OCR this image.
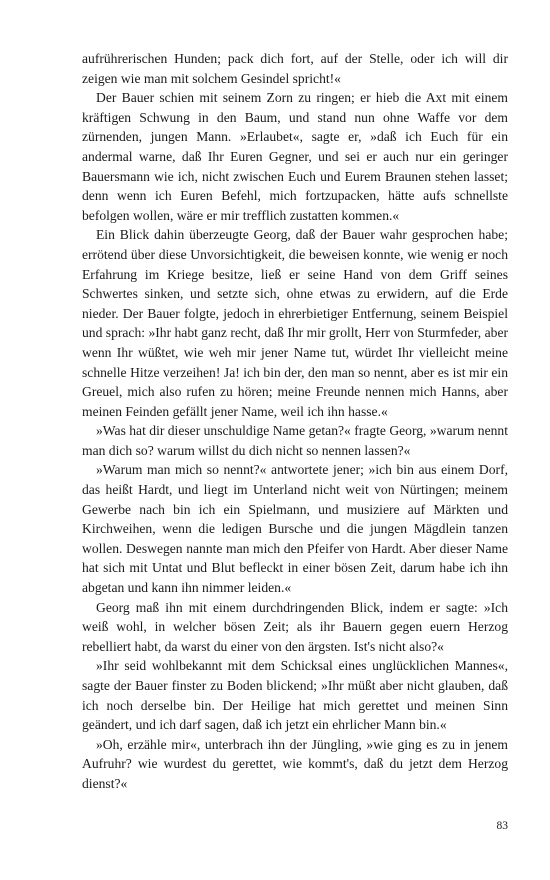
aufrührerischen Hunden; pack dich fort, auf der Stelle, oder ich will dir zeigen wie man mit solchem Gesindel spricht!«

Der Bauer schien mit seinem Zorn zu ringen; er hieb die Axt mit einem kräftigen Schwung in den Baum, und stand nun ohne Waffe vor dem zürnenden, jungen Mann. »Erlaubet«, sagte er, »daß ich Euch für ein andermal warne, daß Ihr Euren Gegner, und sei er auch nur ein geringer Bauersmann wie ich, nicht zwischen Euch und Eurem Braunen stehen lasset; denn wenn ich Euren Befehl, mich fortzupacken, hätte aufs schnellste befolgen wollen, wäre er mir trefflich zustatten kommen.«

Ein Blick dahin überzeugte Georg, daß der Bauer wahr gesprochen habe; errötend über diese Unvorsichtigkeit, die beweisen konnte, wie wenig er noch Erfahrung im Kriege besitze, ließ er seine Hand von dem Griff seines Schwertes sinken, und setzte sich, ohne etwas zu erwidern, auf die Erde nieder. Der Bauer folgte, jedoch in ehrerbietiger Entfernung, seinem Beispiel und sprach: »Ihr habt ganz recht, daß Ihr mir grollt, Herr von Sturmfeder, aber wenn Ihr wüßtet, wie weh mir jener Name tut, würdet Ihr vielleicht meine schnelle Hitze verzeihen! Ja! ich bin der, den man so nennt, aber es ist mir ein Greuel, mich also rufen zu hören; meine Freunde nennen mich Hanns, aber meinen Feinden gefällt jener Name, weil ich ihn hasse.«

»Was hat dir dieser unschuldige Name getan?« fragte Georg, »warum nennt man dich so? warum willst du dich nicht so nennen lassen?«

»Warum man mich so nennt?« antwortete jener; »ich bin aus einem Dorf, das heißt Hardt, und liegt im Unterland nicht weit von Nürtingen; meinem Gewerbe nach bin ich ein Spielmann, und musiziere auf Märkten und Kirchweihen, wenn die ledigen Bursche und die jungen Mägdlein tanzen wollen. Deswegen nannte man mich den Pfeifer von Hardt. Aber dieser Name hat sich mit Untat und Blut befleckt in einer bösen Zeit, darum habe ich ihn abgetan und kann ihn nimmer leiden.«

Georg maß ihn mit einem durchdringenden Blick, indem er sagte: »Ich weiß wohl, in welcher bösen Zeit; als ihr Bauern gegen euern Herzog rebelliert habt, da warst du einer von den ärgsten. Ist's nicht also?«

»Ihr seid wohlbekannt mit dem Schicksal eines unglücklichen Mannes«, sagte der Bauer finster zu Boden blickend; »Ihr müßt aber nicht glauben, daß ich noch derselbe bin. Der Heilige hat mich gerettet und meinen Sinn geändert, und ich darf sagen, daß ich jetzt ein ehrlicher Mann bin.«

»Oh, erzähle mir«, unterbrach ihn der Jüngling, »wie ging es zu in jenem Aufruhr? wie wurdest du gerettet, wie kommt's, daß du jetzt dem Herzog dienst?«

83
